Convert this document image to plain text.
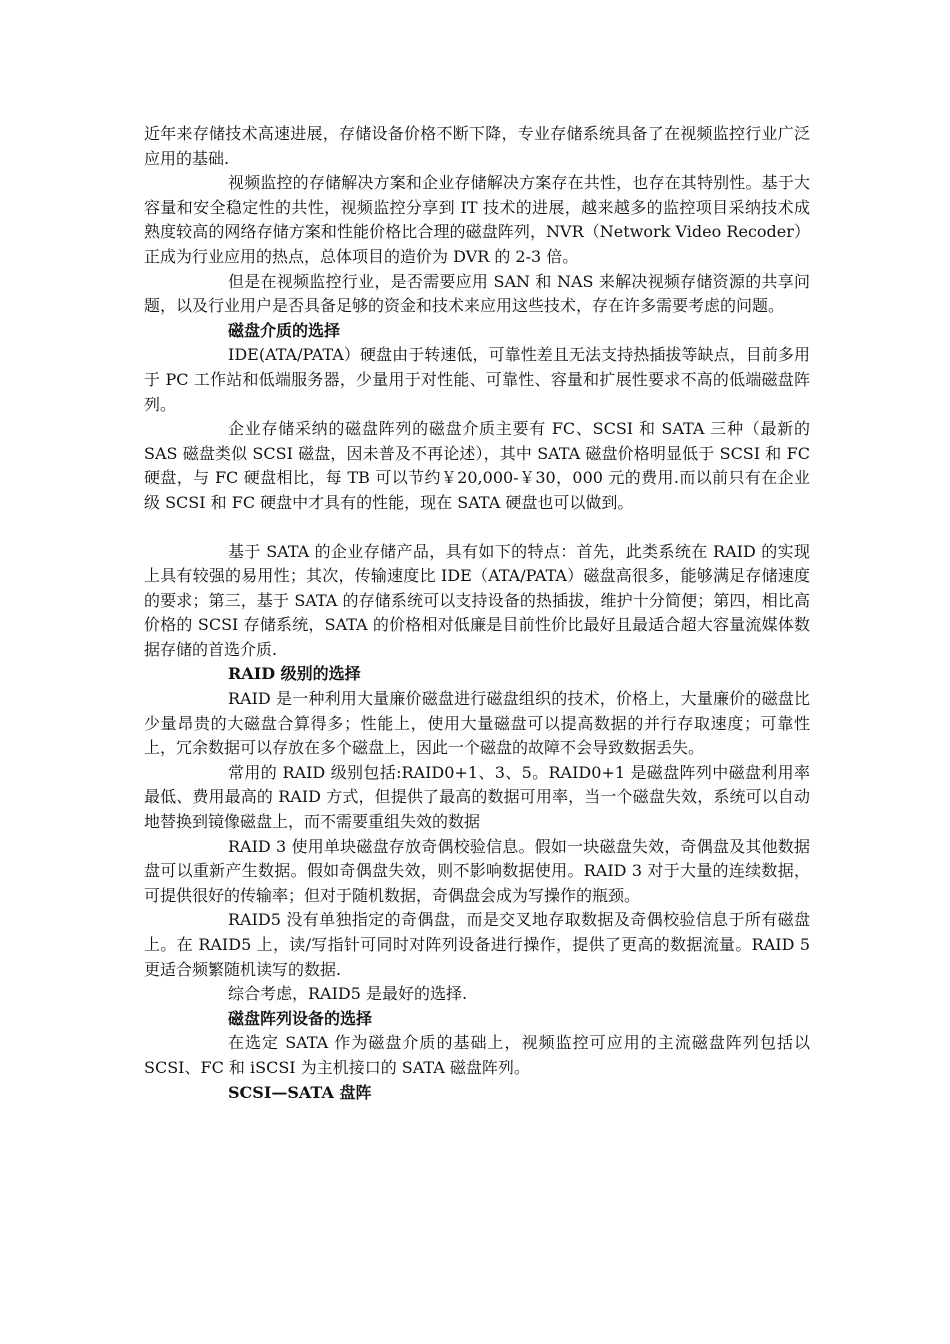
近年来存储技术高速进展，存储设备价格不断下降，专业存储系统具备了在视频监控行业广泛应用的基础.

视频监控的存储解决方案和企业存储解决方案存在共性，也存在其特别性。基于大容量和安全稳定性的共性，视频监控分享到 IT 技术的进展，越来越多的监控项目采纳技术成熟度较高的网络存储方案和性能价格比合理的磁盘阵列，NVR（Network Video Recoder）正成为行业应用的热点，总体项目的造价为 DVR 的 2-3 倍。

但是在视频监控行业，是否需要应用 SAN 和 NAS 来解决视频存储资源的共享问题，以及行业用户是否具备足够的资金和技术来应用这些技术，存在许多需要考虑的问题。

磁盘介质的选择

IDE(ATA/PATA）硬盘由于转速低，可靠性差且无法支持热插拔等缺点，目前多用于 PC 工作站和低端服务器，少量用于对性能、可靠性、容量和扩展性要求不高的低端磁盘阵列。

企业存储采纳的磁盘阵列的磁盘介质主要有 FC、SCSI 和 SATA 三种（最新的 SAS 磁盘类似 SCSI 磁盘，因未普及不再论述），其中 SATA 磁盘价格明显低于 SCSI 和 FC 硬盘，与 FC 硬盘相比，每 TB 可以节约￥20,000-￥30，000 元的费用.而以前只有在企业级 SCSI 和 FC 硬盘中才具有的性能，现在 SATA 硬盘也可以做到。

基于 SATA 的企业存储产品，具有如下的特点：首先，此类系统在 RAID 的实现上具有较强的易用性；其次，传输速度比 IDE（ATA/PATA）磁盘高很多，能够满足存储速度的要求；第三，基于 SATA 的存储系统可以支持设备的热插拔，维护十分简便；第四，相比高价格的 SCSI 存储系统，SATA 的价格相对低廉是目前性价比最好且最适合超大容量流媒体数据存储的首选介质.

RAID 级别的选择

RAID 是一种利用大量廉价磁盘进行磁盘组织的技术，价格上，大量廉价的磁盘比少量昂贵的大磁盘合算得多；性能上，使用大量磁盘可以提高数据的并行存取速度；可靠性上，冗余数据可以存放在多个磁盘上，因此一个磁盘的故障不会导致数据丢失。

常用的 RAID 级别包括:RAID0+1、3、5。RAID0+1 是磁盘阵列中磁盘利用率最低、费用最高的 RAID 方式，但提供了最高的数据可用率，当一个磁盘失效，系统可以自动地替换到镜像磁盘上，而不需要重组失效的数据

RAID 3 使用单块磁盘存放奇偶校验信息。假如一块磁盘失效，奇偶盘及其他数据盘可以重新产生数据。假如奇偶盘失效，则不影响数据使用。RAID 3 对于大量的连续数据，可提供很好的传输率；但对于随机数据，奇偶盘会成为写操作的瓶颈。

RAID5 没有单独指定的奇偶盘，而是交叉地存取数据及奇偶校验信息于所有磁盘上。在 RAID5 上，读/写指针可同时对阵列设备进行操作，提供了更高的数据流量。RAID 5 更适合频繁随机读写的数据.

综合考虑，RAID5 是最好的选择.

磁盘阵列设备的选择

在选定 SATA 作为磁盘介质的基础上，视频监控可应用的主流磁盘阵列包括以 SCSI、FC 和 iSCSI 为主机接口的 SATA 磁盘阵列。

SCSI—SATA 盘阵
